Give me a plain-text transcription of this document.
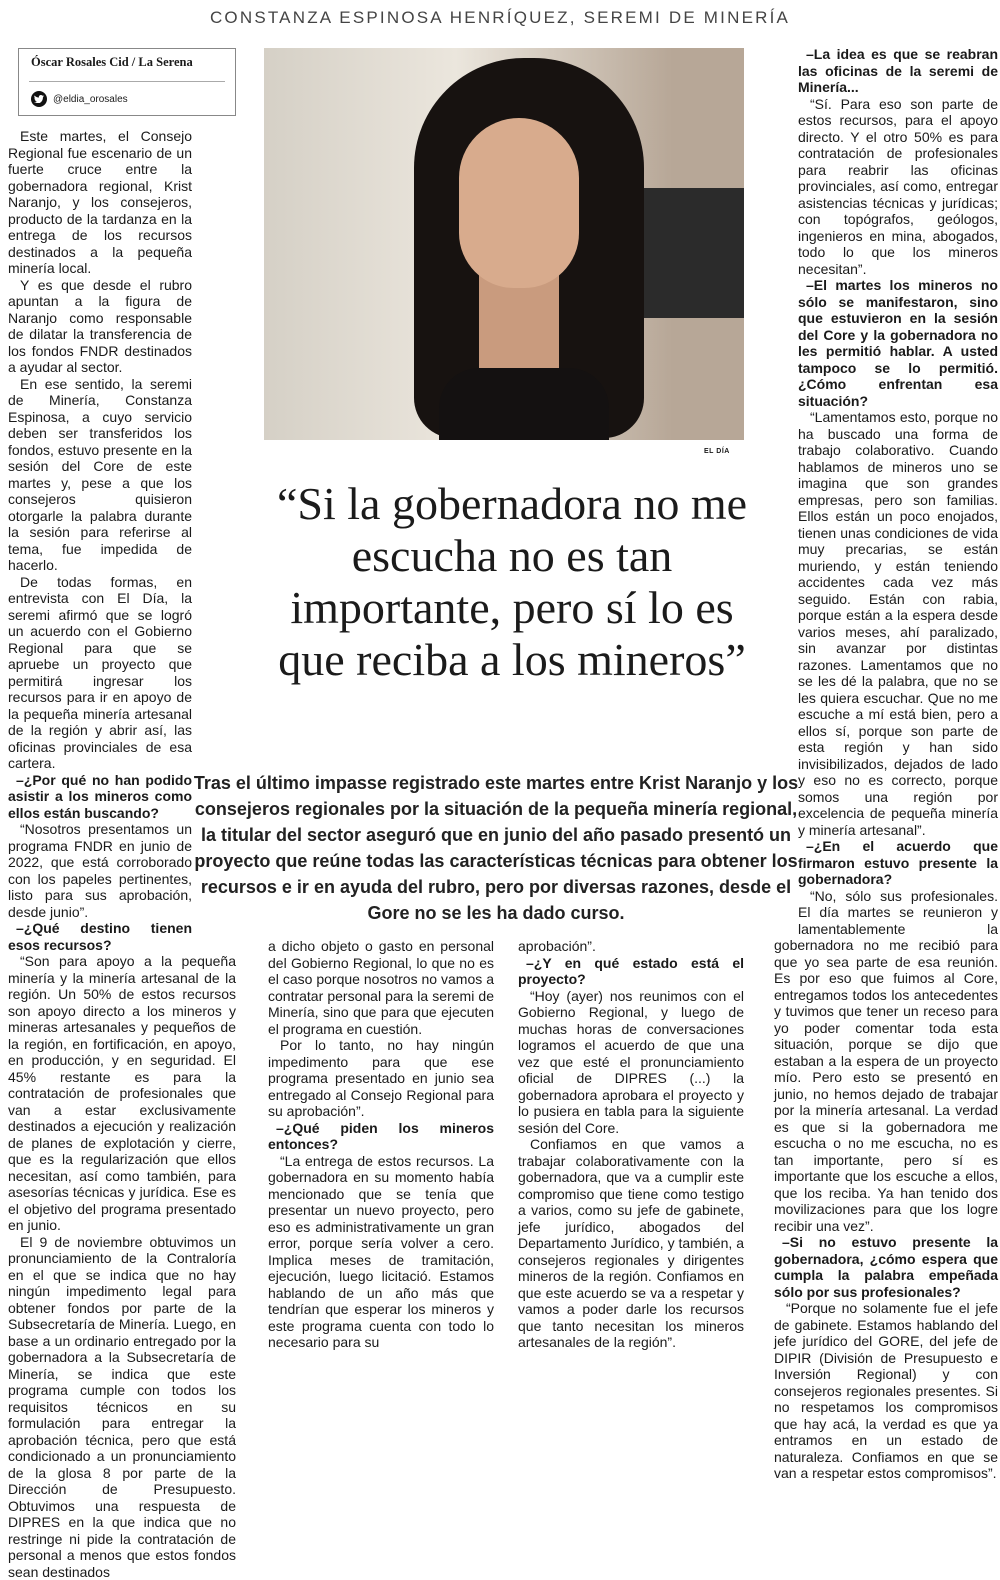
CONSTANZA ESPINOSA HENRÍQUEZ, SEREMI DE MINERÍA
Óscar Rosales Cid / La Serena
@eldia_orosales
EL DÍA
“Si la gobernadora no me escucha no es tan importante, pero sí lo es que reciba a los mineros”
Tras el último impasse registrado este martes entre Krist Naranjo y los consejeros regionales por la situación de la pequeña minería regional, la titular del sector aseguró que en junio del año pasado presentó un proyecto que reúne todas las características técnicas para obtener los recursos e ir en ayuda del rubro, pero por diversas razones, desde el Gore no se les ha dado curso.

Este martes, el Consejo Regional fue escenario de un fuerte cruce entre la gobernadora regional, Krist Naranjo, y los consejeros, producto de la tardanza en la entrega de los recursos destinados a la pequeña minería local.

Y es que desde el rubro apuntan a la figura de Naranjo como responsable de dilatar la transferencia de los fondos FNDR destinados a ayudar al sector.

En ese sentido, la seremi de Minería, Constanza Espinosa, a cuyo servicio deben ser transferidos los fondos, estuvo presente en la sesión del Core de este martes y, pese a que los consejeros quisieron otorgarle la palabra durante la sesión para referirse al tema, fue impedida de hacerlo.

De todas formas, en entrevista con El Día, la seremi afirmó que se logró un acuerdo con el Gobierno Regional para que se apruebe un proyecto que permitirá ingresar los recursos para ir en apoyo de la pequeña minería artesanal de la región y abrir así, las oficinas provinciales de esa cartera.

–¿Por qué no han podido asistir a los mineros como ellos están buscando?

“Nosotros presentamos un programa FNDR en junio de 2022, que está corroborado con los papeles pertinentes, listo para sus aprobación, desde junio”.

–¿Qué destino tienen esos recursos?

“Son para apoyo a la pequeña minería y la minería artesanal de la región. Un 50% de estos recursos son apoyo directo a los mineros y mineras artesanales y pequeños de la región, en fortificación, en apoyo, en producción, y en seguridad. El 45% restante es para la contratación de profesionales que van a estar exclusivamente destinados a ejecución y realización de planes de explotación y cierre, que es la regularización que ellos necesitan, así como también, para asesorías técnicas y jurídica. Ese es el objetivo del programa presentado en junio.

El 9 de noviembre obtuvimos un pronunciamiento de la Contraloría en el que se indica que no hay ningún impedimento legal para obtener fondos por parte de la Subsecretaría de Minería. Luego, en base a un ordinario entregado por la gobernadora a la Subsecretaría de Minería, se indica que este programa cumple con todos los requisitos técnicos en su formulación para entregar la aprobación técnica, pero que está condicionado a un pronunciamiento de la glosa 8 por parte de la Dirección de Presupuesto. Obtuvimos una respuesta de DIPRES en la que indica que no restringe ni pide la contratación de personal a menos que estos fondos sean destinados

a dicho objeto o gasto en personal del Gobierno Regional, lo que no es el caso porque nosotros no vamos a contratar personal para la seremi de Minería, sino que para que ejecuten el programa en cuestión.

Por lo tanto, no hay ningún impedimento para que ese programa presentado en junio sea entregado al Consejo Regional para su aprobación”.

–¿Qué piden los mineros entonces?

“La entrega de estos recursos. La gobernadora en su momento había mencionado que se tenía que presentar un nuevo proyecto, pero eso es administrativamente un gran error, porque sería volver a cero. Implica meses de tramitación, ejecución, luego licitació. Estamos hablando de un año más que tendrían que esperar los mineros y este programa cuenta con todo lo necesario para su

aprobación”.

–¿Y en qué estado está el proyecto?

“Hoy (ayer) nos reunimos con el Gobierno Regional, y luego de muchas horas de conversaciones logramos el acuerdo de que una vez que esté el pronunciamiento oficial de DIPRES (...) la gobernadora aprobara el proyecto y lo pusiera en tabla para la siguiente sesión del Core.

Confiamos en que vamos a trabajar colaborativamente con la gobernadora, que va a cumplir este compromiso que tiene como testigo a varios, como su jefe de gabinete, jefe jurídico, abogados del Departamento Jurídico, y también, a consejeros regionales y dirigentes mineros de la región. Confiamos en que este acuerdo se va a respetar y vamos a poder darle los recursos que tanto necesitan los mineros artesanales de la región”.

–La idea es que se reabran las oficinas de la seremi de Minería...

“Sí. Para eso son parte de estos recursos, para el apoyo directo. Y el otro 50% es para contratación de profesionales para reabrir las oficinas provinciales, así como, entregar asistencias técnicas y jurídicas; con topógrafos, geólogos, ingenieros en mina, abogados, todo lo que los mineros necesitan”.

–El martes los mineros no sólo se manifestaron, sino que estuvieron en la sesión del Core y la gobernadora no les permitió hablar. A usted tampoco se lo permitió. ¿Cómo enfrentan esa situación?

“Lamentamos esto, porque no ha buscado una forma de trabajo colaborativo. Cuando hablamos de mineros uno se imagina que son grandes empresas, pero son familias. Ellos están un poco enojados, tienen unas condiciones de vida muy precarias, se están muriendo, y están teniendo accidentes cada vez más seguido. Están con rabia, porque están a la espera desde varios meses, ahí paralizado, sin avanzar por distintas razones. Lamentamos que no se les dé la palabra, que no se les quiera escuchar. Que no me escuche a mí está bien, pero a ellos sí, porque son parte de esta región y han sido invisibilizados, dejados de lado y eso no es correcto, porque somos una región por excelencia de pequeña minería y minería artesanal”.

–¿En el acuerdo que firmaron estuvo presente la gobernadora?

“No, sólo sus profesionales. El día martes se reunieron y lamentablemente la gobernadora no me recibió para que yo sea parte de esa reunión. Es por eso que fuimos al Core, entregamos todos los antecedentes y tuvimos que tener un receso para yo poder comentar toda esta situación, porque se dijo que estaban a la espera de un proyecto mío. Pero esto se presentó en junio, no hemos dejado de trabajar por la minería artesanal. La verdad es que si la gobernadora me escucha o no me escucha, no es tan importante, pero sí es importante que los escuche a ellos, que los reciba. Ya han tenido dos movilizaciones para que los logre recibir una vez”.

–Si no estuvo presente la gobernadora, ¿cómo espera que cumpla la palabra empeñada sólo por sus profesionales?

“Porque no solamente fue el jefe de gabinete. Estamos hablando del jefe jurídico del GORE, del jefe de DIPIR (División de Presupuesto e Inversión Regional) y con consejeros regionales presentes. Si no respetamos los compromisos que hay acá, la verdad es que ya entramos en un estado de naturaleza. Confiamos en que se van a respetar estos compromisos”.
